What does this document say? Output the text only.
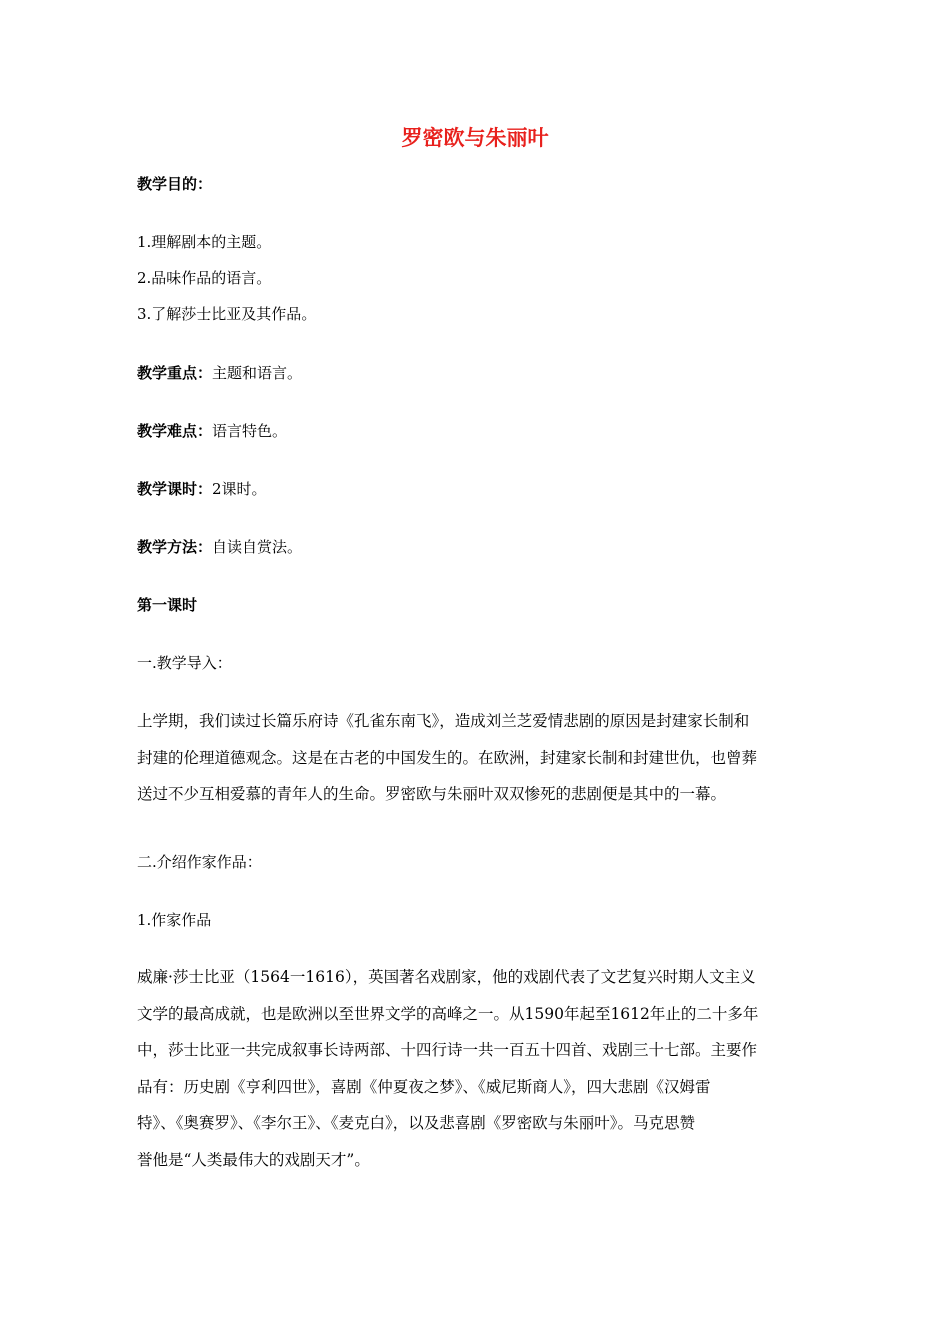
罗密欧与朱丽叶
教学目的：
1.理解剧本的主题。
2.品味作品的语言。
3.了解莎士比亚及其作品。
教学重点：主题和语言。
教学难点：语言特色。
教学课时：2课时。
教学方法：自读自赏法。
第一课时
一.教学导入：
上学期，我们读过长篇乐府诗《孔雀东南飞》，造成刘兰芝爱情悲剧的原因是封建家长制和
封建的伦理道德观念。这是在古老的中国发生的。在欧洲，封建家长制和封建世仇，也曾葬
送过不少互相爱慕的青年人的生命。罗密欧与朱丽叶双双惨死的悲剧便是其中的一幕。
二.介绍作家作品：
1.作家作品
威廉·莎士比亚（1564一1616），英国著名戏剧家，他的戏剧代表了文艺复兴时期人文主义
文学的最高成就，也是欧洲以至世界文学的高峰之一。从1590年起至1612年止的二十多年
中，莎士比亚一共完成叙事长诗两部、十四行诗一共一百五十四首、戏剧三十七部。主要作
品有：历史剧《亨利四世》，喜剧《仲夏夜之梦》、《威尼斯商人》，四大悲剧《汉姆雷
特》、《奥赛罗》、《李尔王》、《麦克白》，以及悲喜剧《罗密欧与朱丽叶》。马克思赞
誉他是“人类最伟大的戏剧天才”。
